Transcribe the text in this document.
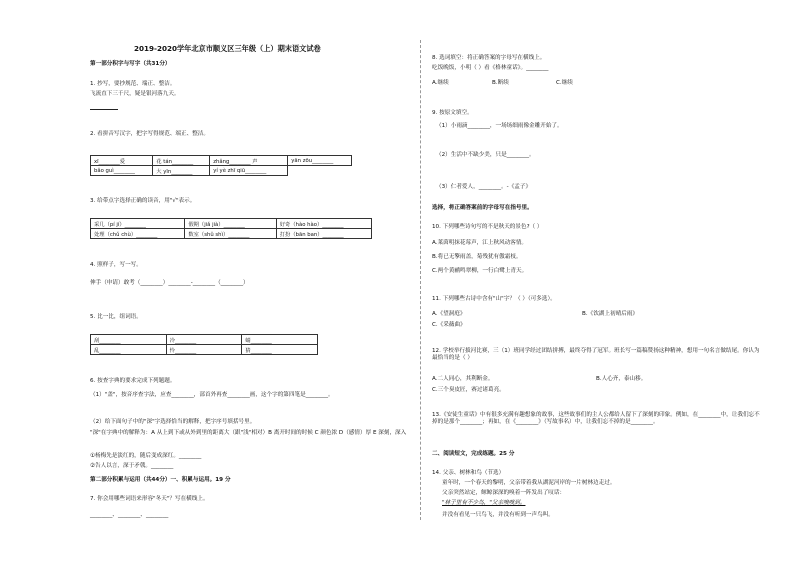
2019-2020学年北京市顺义区三年级（上）期末语文试卷
第一部分积字与写字（共31分）
1. 抄写，要抄规范、端正、整洁。
飞流直下三千尺，疑是银河落九天。
2. 看拼音写汉字，把字写得规范、端正、整洁。
xī________爱	花 tán________	zhǎng________ 声	yān zōu________
bǎo guì________	大 yīn________	yí yè zhī qiū________	
3. 给带点字选择正确的读音，用"√"表示。
采几（pí jí）________	假期（jiǎ jià）________	好奇（hào hào）________
处理（chǔ chù）________	数室（shǔ shì）________	打扮（bān ban）________
4. 照样子，写一写。
伸手（申请）敢考（________）________-________（________）
5. 比一比，组词语。
刮________	冷________	蜻________
乱________	怜________	猜________
6. 按查字典的要求完成下列题题。
（1）"盖"，按音序查字法，应查________，部首外再查________画，这个字的第四笔是________。
（2）给下面句子中的"深"字选择恰当的解释，把字序号填括号里。
"深"在字典中的解释为：A 从上到下或从外到里的距离大（跟"浅"相对）B 离开时间的时候 C 颜色浓 D（感情）厚 E 深刻，深入
①杨梅先是淡红的，随后变成深红。________
②告人以言，深于矛戟。________
第二部分积累与运用（共44分）一、积累与运用。19 分
7. 你会用哪些词语来形容"冬天"？写在横线上。
________、________、________
8. 选词填空：将正确答案的字母写在横线上。
吃饭晚饭，小明（ ）看《格林童话》。________
A.继续	B.断续	C.继续
9. 按原文填空。
（1）小雨滴________，一场场细雨像金雕开始了。
（2）生活中不缺少美，只是________。
（3）仁者爱人，________。-《孟子》
选择，将正确答案前的字母写在指号里。
10. 下列哪些诗句写的不是秋天的景色?（ ）
A.莱茵明抹花莓声，江上秋风动客情。
B.将已无擎雨盖，菊残犹有傲霜枝。
C.两个黄鹂鸣翠柳，一行白鹭上青天。
11. 下列哪些古诗中含有"山"字？（ ）（可多选）。
A.《望洞庭》	B.《饮湖上初晴后雨》
C.《采薇曲》
12. 学校举行拔河比赛，三（1）班同学经过团结拼搏，最终夺得了冠军。班长写一篇稿赞扬这种精神，想用一句名言做结尾。你认为最恰当的是（ ）
A.二人同心，其利断金。	B.人心齐，泰山移。
C.三个臭皮匠，赛过诸葛亮。
13.《安徒生童话》中有很多充满有趣想象的故事，这些故事们的主人公都给人留下了深刻的印象。例如，在________中，让我们忘不掉的是那个________；再如，在《________》（写故事名）中，让我们忘不掉的是________。
二、阅读短文，完成练题。25 分
14. 父亲、树林和鸟（节选）
童年时，一个春天的黎明，父亲带着我从湖泥河岸的一片树林边走过。
父亲突然站定，鲸鲸深深的嗅着一阵发出了叹话：
"林子里有不少鸟，"父亲嗅嗅到。
并没有看见一只鸟飞，并没有听到一声鸟叫。
